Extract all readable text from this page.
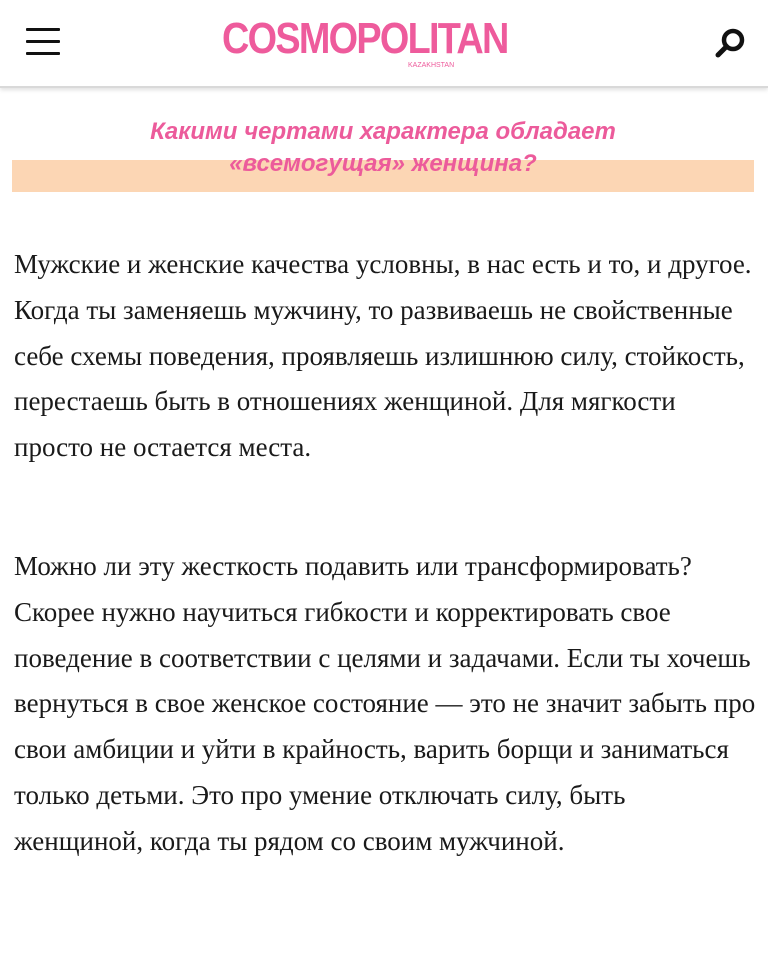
COSMOPOLITAN
KAZAKHSTAN
Какими чертами характера обладает
«всемогущая» женщина?

Мужские и женские качества условны, в нас есть и то, и другое. Когда ты заменяешь мужчину, то развиваешь не свойственные себе схемы поведения, проявляешь излишнюю силу, стойкость, перестаешь быть в отношениях женщиной. Для мягкости просто не остается места.

Можно ли эту жесткость подавить или трансформировать? Скорее нужно научиться гибкости и корректировать свое поведение в соответствии с целями и задачами. Если ты хочешь вернуться в свое женское состояние — это не значит забыть про свои амбиции и уйти в крайность, варить борщи и заниматься только детьми. Это про умение отключать силу, быть женщиной, когда ты рядом со своим мужчиной.
